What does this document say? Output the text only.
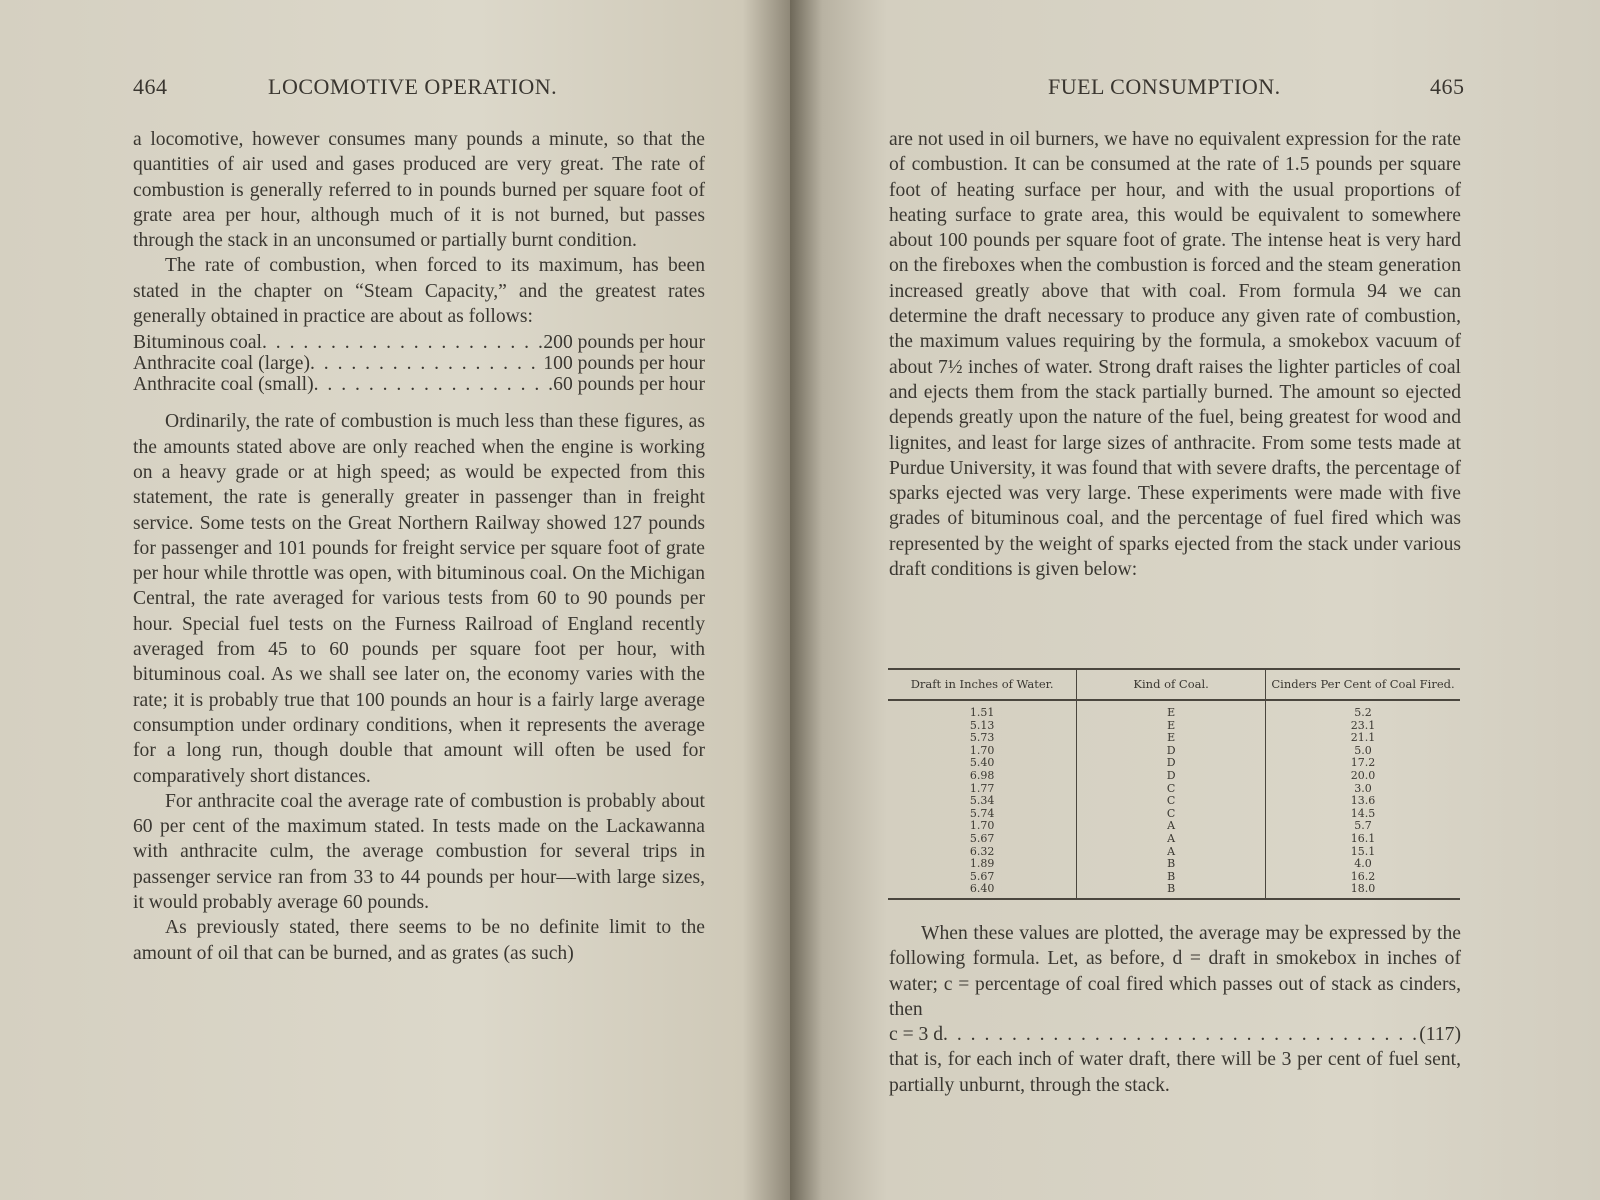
464	LOCOMOTIVE OPERATION.

a locomotive, however consumes many pounds a minute, so that the quantities of air used and gases produced are very great. The rate of combustion is generally referred to in pounds burned per square foot of grate area per hour, although much of it is not burned, but passes through the stack in an unconsumed or partially burnt condition.

The rate of combustion, when forced to its maximum, has been stated in the chapter on “Steam Capacity,” and the greatest rates generally obtained in practice are about as follows:

Bituminous coal . . .	200 pounds per hour
Anthracite coal (large) . . .	100 pounds per hour
Anthracite coal (small) . . .	60 pounds per hour

Ordinarily, the rate of combustion is much less than these figures, as the amounts stated above are only reached when the engine is working on a heavy grade or at high speed; as would be expected from this statement, the rate is generally greater in passenger than in freight service. Some tests on the Great Northern Railway showed 127 pounds for passenger and 101 pounds for freight service per square foot of grate per hour while throttle was open, with bituminous coal. On the Michigan Central, the rate averaged for various tests from 60 to 90 pounds per hour. Special fuel tests on the Furness Railroad of England recently averaged from 45 to 60 pounds per square foot per hour, with bituminous coal. As we shall see later on, the economy varies with the rate; it is probably true that 100 pounds an hour is a fairly large average consumption under ordinary conditions, when it represents the average for a long run, though double that amount will often be used for comparatively short distances.

For anthracite coal the average rate of combustion is probably about 60 per cent of the maximum stated. In tests made on the Lackawanna with anthracite culm, the average combustion for several trips in passenger service ran from 33 to 44 pounds per hour—with large sizes, it would probably average 60 pounds.

As previously stated, there seems to be no definite limit to the amount of oil that can be burned, and as grates (as such)

FUEL CONSUMPTION.	465

are not used in oil burners, we have no equivalent expression for the rate of combustion. It can be consumed at the rate of 1.5 pounds per square foot of heating surface per hour, and with the usual proportions of heating surface to grate area, this would be equivalent to somewhere about 100 pounds per square foot of grate. The intense heat is very hard on the fireboxes when the combustion is forced and the steam generation increased greatly above that with coal. From formula 94 we can determine the draft necessary to produce any given rate of combustion, the maximum values requiring by the formula, a smokebox vacuum of about 7½ inches of water. Strong draft raises the lighter particles of coal and ejects them from the stack partially burned. The amount so ejected depends greatly upon the nature of the fuel, being greatest for wood and lignites, and least for large sizes of anthracite. From some tests made at Purdue University, it was found that with severe drafts, the percentage of sparks ejected was very large. These experiments were made with five grades of bituminous coal, and the percentage of fuel fired which was represented by the weight of sparks ejected from the stack under various draft conditions is given below:

When these values are plotted, the average may be expressed by the following formula. Let, as before, d = draft in smokebox in inches of water; c = percentage of coal fired which passes out of stack as cinders, then

c = 3 d . . .	(117)

that is, for each inch of water draft, there will be 3 per cent of fuel sent, partially unburnt, through the stack.

Draft in Inches of Water.	Kind of Coal.	Cinders Per Cent of Coal Fired.
1.51	E	5.2
5.13	E	23.1
5.73	E	21.1
1.70	D	5.0
5.40	D	17.2
6.98	D	20.0
1.77	C	3.0
5.34	C	13.6
5.74	C	14.5
1.70	A	5.7
5.67	A	16.1
6.32	A	15.1
1.89	B	4.0
5.67	B	16.2
6.40	B	18.0
